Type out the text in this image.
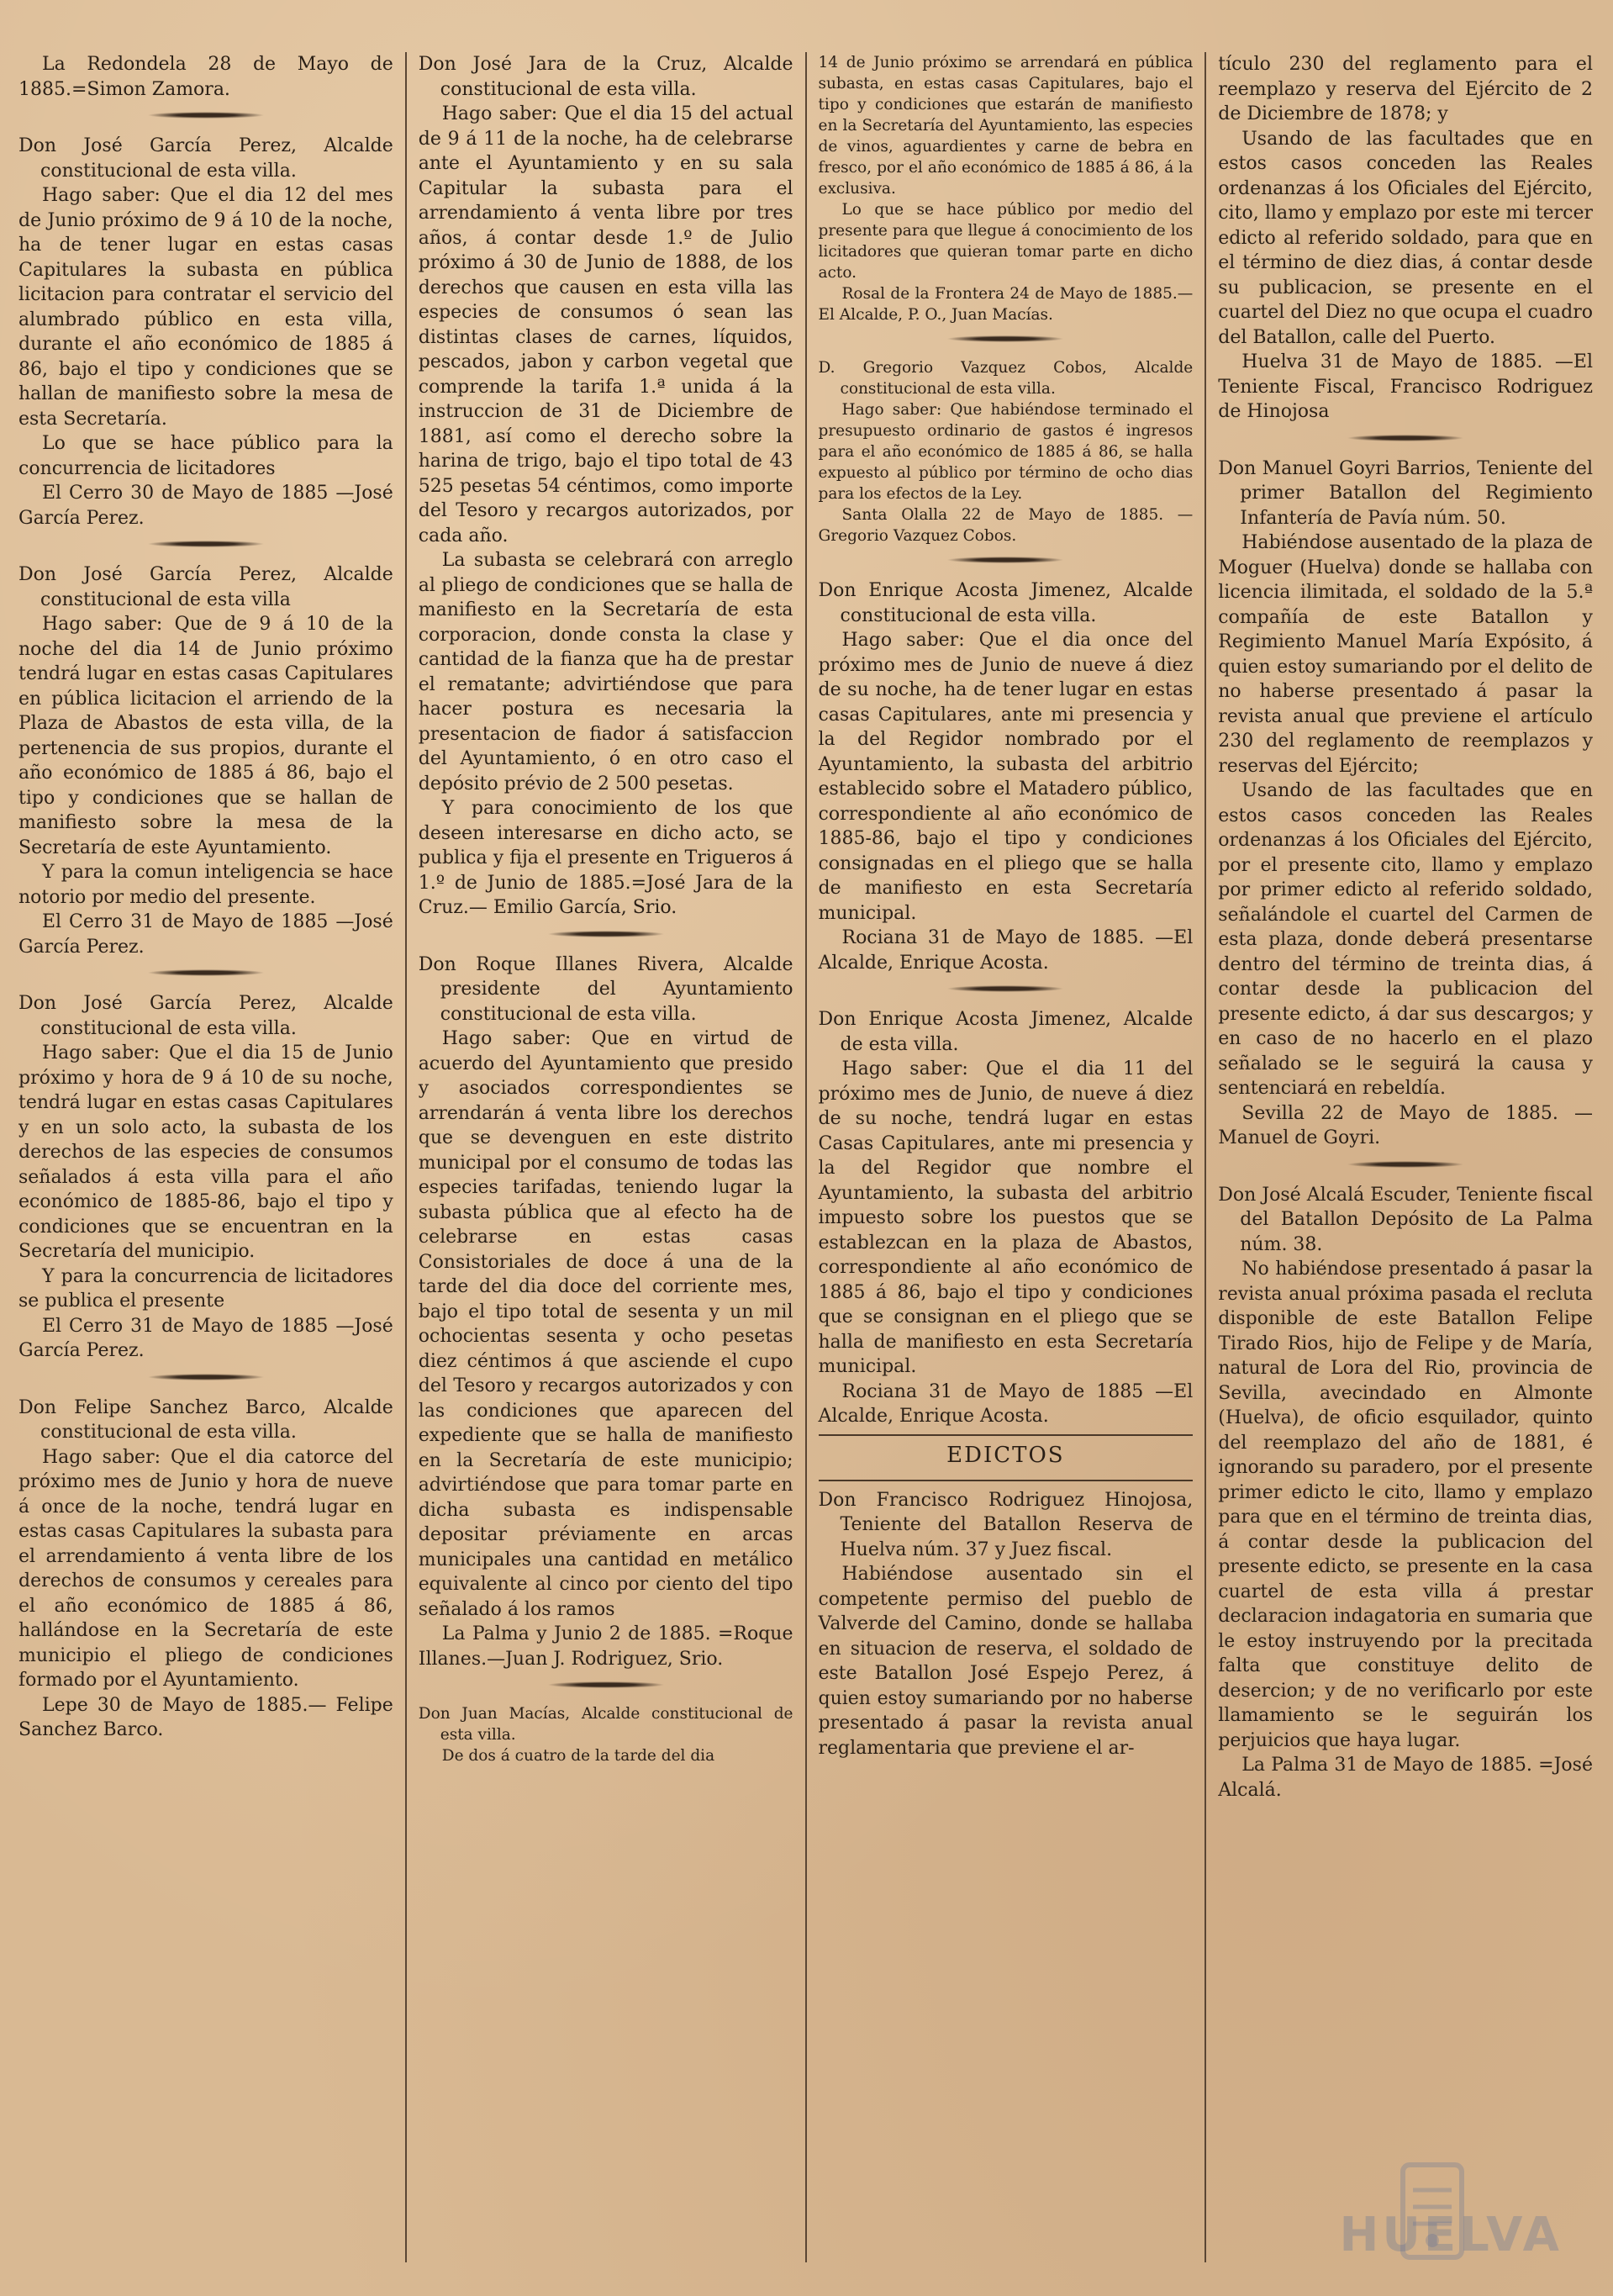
La Redondela 28 de Mayo de 1885.=Simon Zamora.

Don José García Perez, Alcalde constitucional de esta villa.

Hago saber: Que el dia 12 del mes de Junio próximo de 9 á 10 de la noche, ha de tener lugar en estas casas Capitulares la subasta en pública licitacion para contratar el servicio del alumbrado público en esta villa, durante el año económico de 1885 á 86, bajo el tipo y condiciones que se hallan de manifiesto sobre la mesa de esta Secretaría.

Lo que se hace público para la concurrencia de licitadores

El Cerro 30 de Mayo de 1885 —José García Perez.

Don José García Perez, Alcalde constitucional de esta villa

Hago saber: Que de 9 á 10 de la noche del dia 14 de Junio próximo tendrá lugar en estas casas Capitulares en pública licitacion el arriendo de la Plaza de Abastos de esta villa, de la pertenencia de sus propios, durante el año económico de 1885 á 86, bajo el tipo y condiciones que se hallan de manifiesto sobre la mesa de la Secretaría de este Ayuntamiento.

Y para la comun inteligencia se hace notorio por medio del presente.

El Cerro 31 de Mayo de 1885 —José García Perez.

Don José García Perez, Alcalde constitucional de esta villa.

Hago saber: Que el dia 15 de Junio próximo y hora de 9 á 10 de su noche, tendrá lugar en estas casas Capitulares y en un solo acto, la subasta de los derechos de las especies de consumos señalados á esta villa para el año económico de 1885-86, bajo el tipo y condiciones que se encuentran en la Secretaría del municipio.

Y para la concurrencia de licitadores se publica el presente

El Cerro 31 de Mayo de 1885 —José García Perez.

Don Felipe Sanchez Barco, Alcalde constitucional de esta villa.

Hago saber: Que el dia catorce del próximo mes de Junio y hora de nueve á once de la noche, tendrá lugar en estas casas Capitulares la subasta para el arrendamiento á venta libre de los derechos de consumos y cereales para el año económico de 1885 á 86, hallándose en la Secretaría de este municipio el pliego de condiciones formado por el Ayuntamiento.

Lepe 30 de Mayo de 1885.— Felipe Sanchez Barco.

Don José Jara de la Cruz, Alcalde constitucional de esta villa.

Hago saber: Que el dia 15 del actual de 9 á 11 de la noche, ha de celebrarse ante el Ayuntamiento y en su sala Capitular la subasta para el arrendamiento á venta libre por tres años, á contar desde 1.º de Julio próximo á 30 de Junio de 1888, de los derechos que causen en esta villa las especies de consumos ó sean las distintas clases de carnes, líquidos, pescados, jabon y carbon vegetal que comprende la tarifa 1.ª unida á la instruccion de 31 de Diciembre de 1881, así como el derecho sobre la harina de trigo, bajo el tipo total de 43 525 pesetas 54 céntimos, como importe del Tesoro y recargos autorizados, por cada año.

La subasta se celebrará con arreglo al pliego de condiciones que se halla de manifiesto en la Secretaría de esta corporacion, donde consta la clase y cantidad de la fianza que ha de prestar el rematante; advirtiéndose que para hacer postura es necesaria la presentacion de fiador á satisfaccion del Ayuntamiento, ó en otro caso el depósito prévio de 2 500 pesetas.

Y para conocimiento de los que deseen interesarse en dicho acto, se publica y fija el presente en Trigueros á 1.º de Junio de 1885.=José Jara de la Cruz.— Emilio García, Srio.

Don Roque Illanes Rivera, Alcalde presidente del Ayuntamiento constitucional de esta villa.

Hago saber: Que en virtud de acuerdo del Ayuntamiento que presido y asociados correspondientes se arrendarán á venta libre los derechos que se devenguen en este distrito municipal por el consumo de todas las especies tarifadas, teniendo lugar la subasta pública que al efecto ha de celebrarse en estas casas Consistoriales de doce á una de la tarde del dia doce del corriente mes, bajo el tipo total de sesenta y un mil ochocientas sesenta y ocho pesetas diez céntimos á que asciende el cupo del Tesoro y recargos autorizados y con las condiciones que aparecen del expediente que se halla de manifiesto en la Secretaría de este municipio; advirtiéndose que para tomar parte en dicha subasta es indispensable depositar préviamente en arcas municipales una cantidad en metálico equivalente al cinco por ciento del tipo señalado á los ramos

La Palma y Junio 2 de 1885. =Roque Illanes.—Juan J. Rodriguez, Srio.

Don Juan Macías, Alcalde constitucional de esta villa.

De dos á cuatro de la tarde del dia

14 de Junio próximo se arrendará en pública subasta, en estas casas Capitulares, bajo el tipo y condiciones que estarán de manifiesto en la Secretaría del Ayuntamiento, las especies de vinos, aguardientes y carne de bebra en fresco, por el año económico de 1885 á 86, á la exclusiva.

Lo que se hace público por medio del presente para que llegue á conocimiento de los licitadores que quieran tomar parte en dicho acto.

Rosal de la Frontera 24 de Mayo de 1885.—El Alcalde, P. O., Juan Macías.

D. Gregorio Vazquez Cobos, Alcalde constitucional de esta villa.

Hago saber: Que habiéndose terminado el presupuesto ordinario de gastos é ingresos para el año económico de 1885 á 86, se halla expuesto al público por término de ocho dias para los efectos de la Ley.

Santa Olalla 22 de Mayo de 1885. —Gregorio Vazquez Cobos.

Don Enrique Acosta Jimenez, Alcalde constitucional de esta villa.

Hago saber: Que el dia once del próximo mes de Junio de nueve á diez de su noche, ha de tener lugar en estas casas Capitulares, ante mi presencia y la del Regidor nombrado por el Ayuntamiento, la subasta del arbitrio establecido sobre el Matadero público, correspondiente al año económico de 1885-86, bajo el tipo y condiciones consignadas en el pliego que se halla de manifiesto en esta Secretaría municipal.

Rociana 31 de Mayo de 1885. —El Alcalde, Enrique Acosta.

Don Enrique Acosta Jimenez, Alcalde de esta villa.

Hago saber: Que el dia 11 del próximo mes de Junio, de nueve á diez de su noche, tendrá lugar en estas Casas Capitulares, ante mi presencia y la del Regidor que nombre el Ayuntamiento, la subasta del arbitrio impuesto sobre los puestos que se establezcan en la plaza de Abastos, correspondiente al año económico de 1885 á 86, bajo el tipo y condiciones que se consignan en el pliego que se halla de manifiesto en esta Secretaría municipal.

Rociana 31 de Mayo de 1885 —El Alcalde, Enrique Acosta.

EDICTOS

Don Francisco Rodriguez Hinojosa, Teniente del Batallon Reserva de Huelva núm. 37 y Juez fiscal.

Habiéndose ausentado sin el competente permiso del pueblo de Valverde del Camino, donde se hallaba en situacion de reserva, el soldado de este Batallon José Espejo Perez, á quien estoy sumariando por no haberse presentado á pasar la revista anual reglamentaria que previene el ar-

tículo 230 del reglamento para el reemplazo y reserva del Ejército de 2 de Diciembre de 1878; y

Usando de las facultades que en estos casos conceden las Reales ordenanzas á los Oficiales del Ejército, cito, llamo y emplazo por este mi tercer edicto al referido soldado, para que en el término de diez dias, á contar desde su publicacion, se presente en el cuartel del Diez no que ocupa el cuadro del Batallon, calle del Puerto.

Huelva 31 de Mayo de 1885. —El Teniente Fiscal, Francisco Rodriguez de Hinojosa

Don Manuel Goyri Barrios, Teniente del primer Batallon del Regimiento Infantería de Pavía núm. 50.

Habiéndose ausentado de la plaza de Moguer (Huelva) donde se hallaba con licencia ilimitada, el soldado de la 5.ª compañía de este Batallon y Regimiento Manuel María Expósito, á quien estoy sumariando por el delito de no haberse presentado á pasar la revista anual que previene el artículo 230 del reglamento de reemplazos y reservas del Ejército;

Usando de las facultades que en estos casos conceden las Reales ordenanzas á los Oficiales del Ejército, por el presente cito, llamo y emplazo por primer edicto al referido soldado, señalándole el cuartel del Carmen de esta plaza, donde deberá presentarse dentro del término de treinta dias, á contar desde la publicacion del presente edicto, á dar sus descargos; y en caso de no hacerlo en el plazo señalado se le seguirá la causa y sentenciará en rebeldía.

Sevilla 22 de Mayo de 1885. —Manuel de Goyri.

Don José Alcalá Escuder, Teniente fiscal del Batallon Depósito de La Palma núm. 38.

No habiéndose presentado á pasar la revista anual próxima pasada el recluta disponible de este Batallon Felipe Tirado Rios, hijo de Felipe y de María, natural de Lora del Rio, provincia de Sevilla, avecindado en Almonte (Huelva), de oficio esquilador, quinto del reemplazo del año de 1881, é ignorando su paradero, por el presente primer edicto le cito, llamo y emplazo para que en el término de treinta dias, á contar desde la publicacion del presente edicto, se presente en la casa cuartel de esta villa á prestar declaracion indagatoria en sumaria que le estoy instruyendo por la precitada falta que constituye delito de desercion; y de no verificarlo por este llamamiento se le seguirán los perjuicios que haya lugar.

La Palma 31 de Mayo de 1885. =José Alcalá.

HUELVA
